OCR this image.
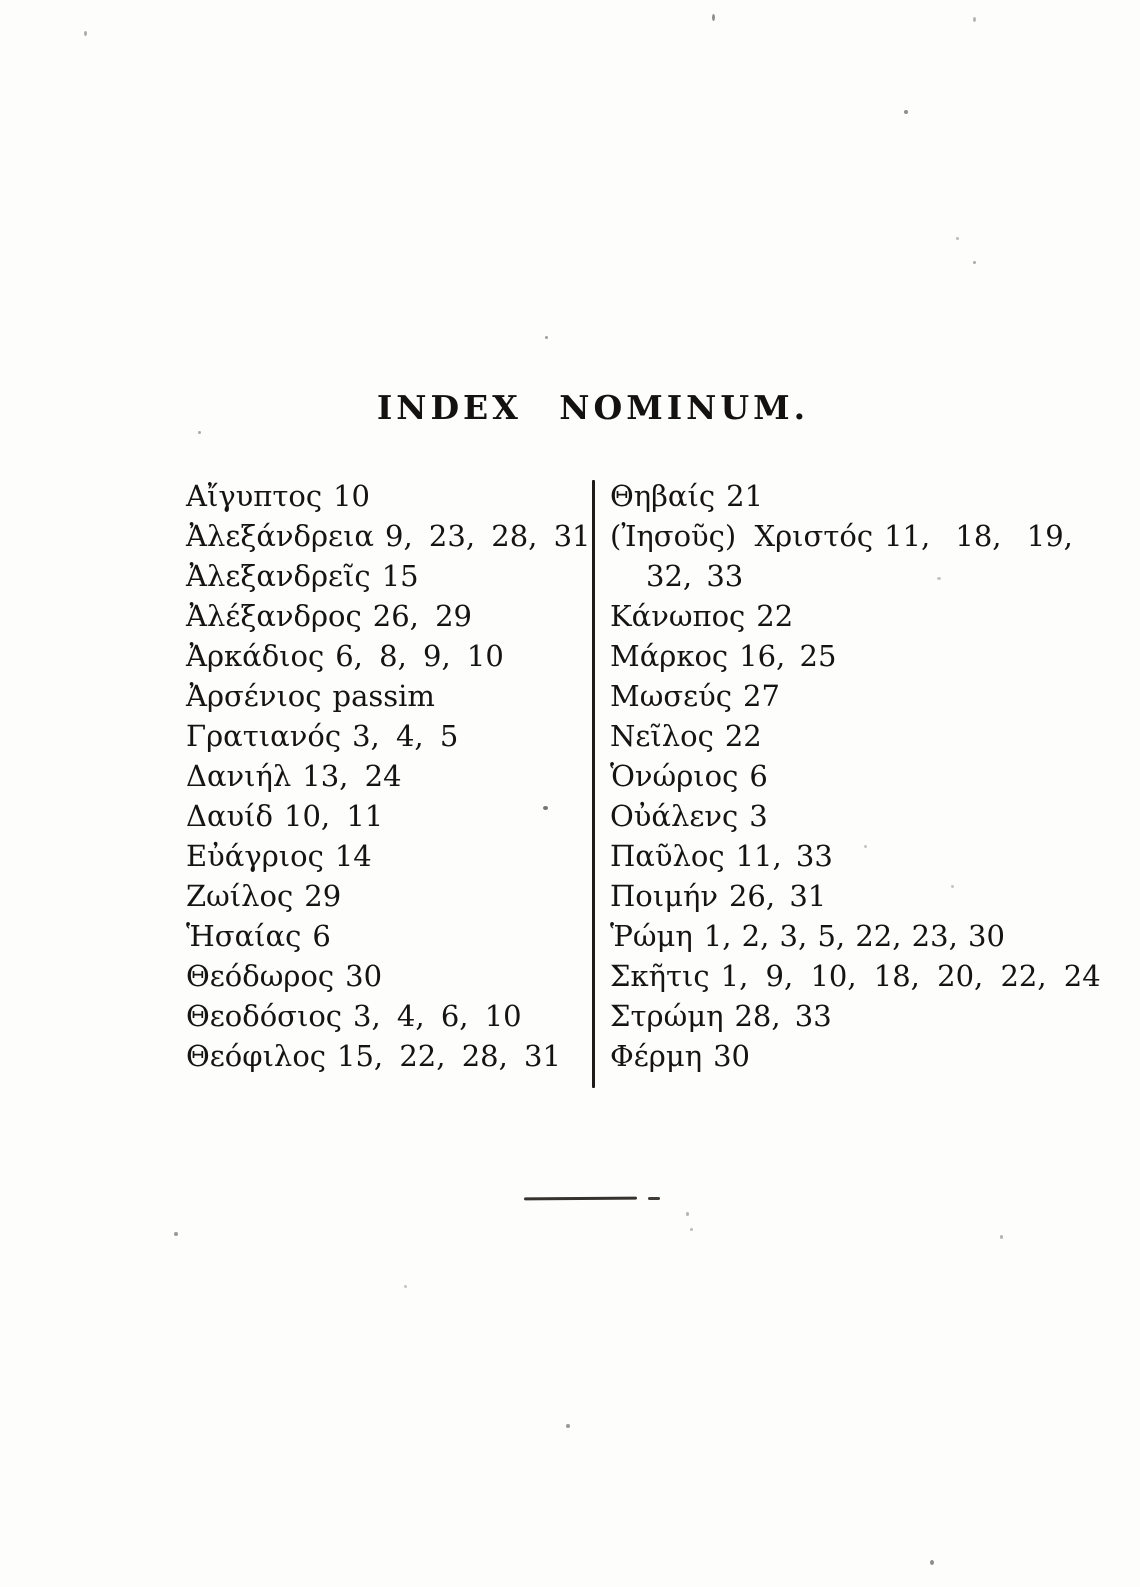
INDEX NOMINUM.
Αἴγυπτος 10
Ἀλεξάνδρεια 9, 23, 28, 31
Ἀλεξανδρεῖς 15
Ἀλέξανδρος 26, 29
Ἀρκάδιος 6, 8, 9, 10
Ἀρσένιος passim
Γρατιανός 3, 4, 5
Δανιήλ 13, 24
Δαυίδ 10, 11
Εὐάγριος 14
Ζωίλος 29
Ἡσαίας 6
Θεόδωρος 30
Θεοδόσιος 3, 4, 6, 10
Θεόφιλος 15, 22, 28, 31
Θηβαίς 21
(Ἰησοῦς) Χριστός 11, 18, 19,
32, 33
Κάνωπος 22
Μάρκος 16, 25
Μωσεύς 27
Νεῖλος 22
Ὁνώριος 6
Οὐάλενς 3
Παῦλος 11, 33
Ποιμήν 26, 31
Ῥώμη 1, 2, 3, 5, 22, 23, 30
Σκῆτις 1, 9, 10, 18, 20, 22, 24
Στρώμη 28, 33
Φέρμη 30
